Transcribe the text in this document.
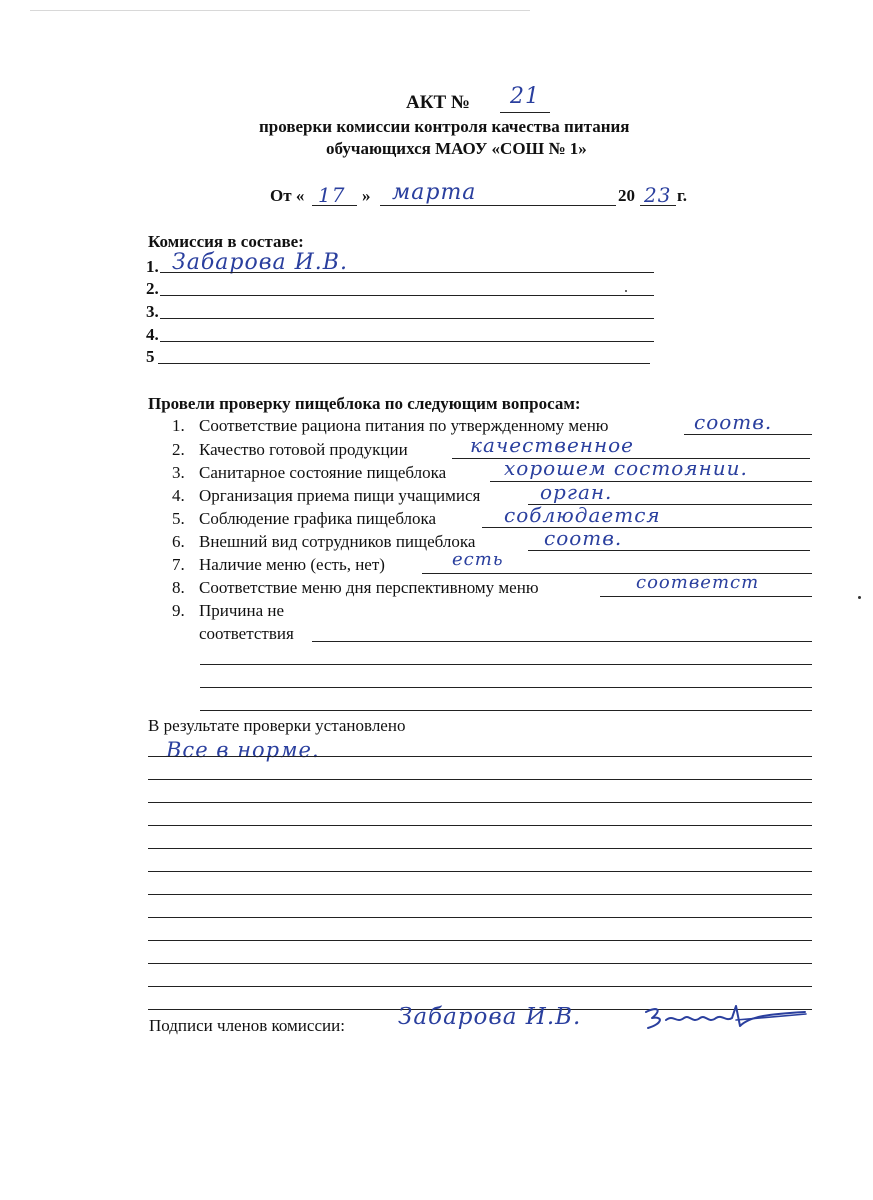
АКТ № 21
проверки комиссии контроля качества питания
обучающихся МАОУ «СОШ № 1»
От « 17 » марта	20 23 г.
Комиссия в составе:
1. Забарова И.В.
2.
3.
4.
5
Провели проверку пищеблока по следующим вопросам:
1. Соответствие рациона питания по утвержденному меню	соотв.
2. Качество готовой продукции	качественное
3. Санитарное состояние пищеблока	хорошем состоянии.
4. Организация приема пищи учащимися	орган.
5. Соблюдение графика пищеблока	соблюдается
6. Внешний вид сотрудников пищеблока	соотв.
7. Наличие меню (есть, нет)	есть
8. Соответствие меню дня перспективному меню	соответст
9. Причина не
соответствия
В результате проверки установлено
Все в норме.
Подписи членов комиссии: Забарова И.В.
